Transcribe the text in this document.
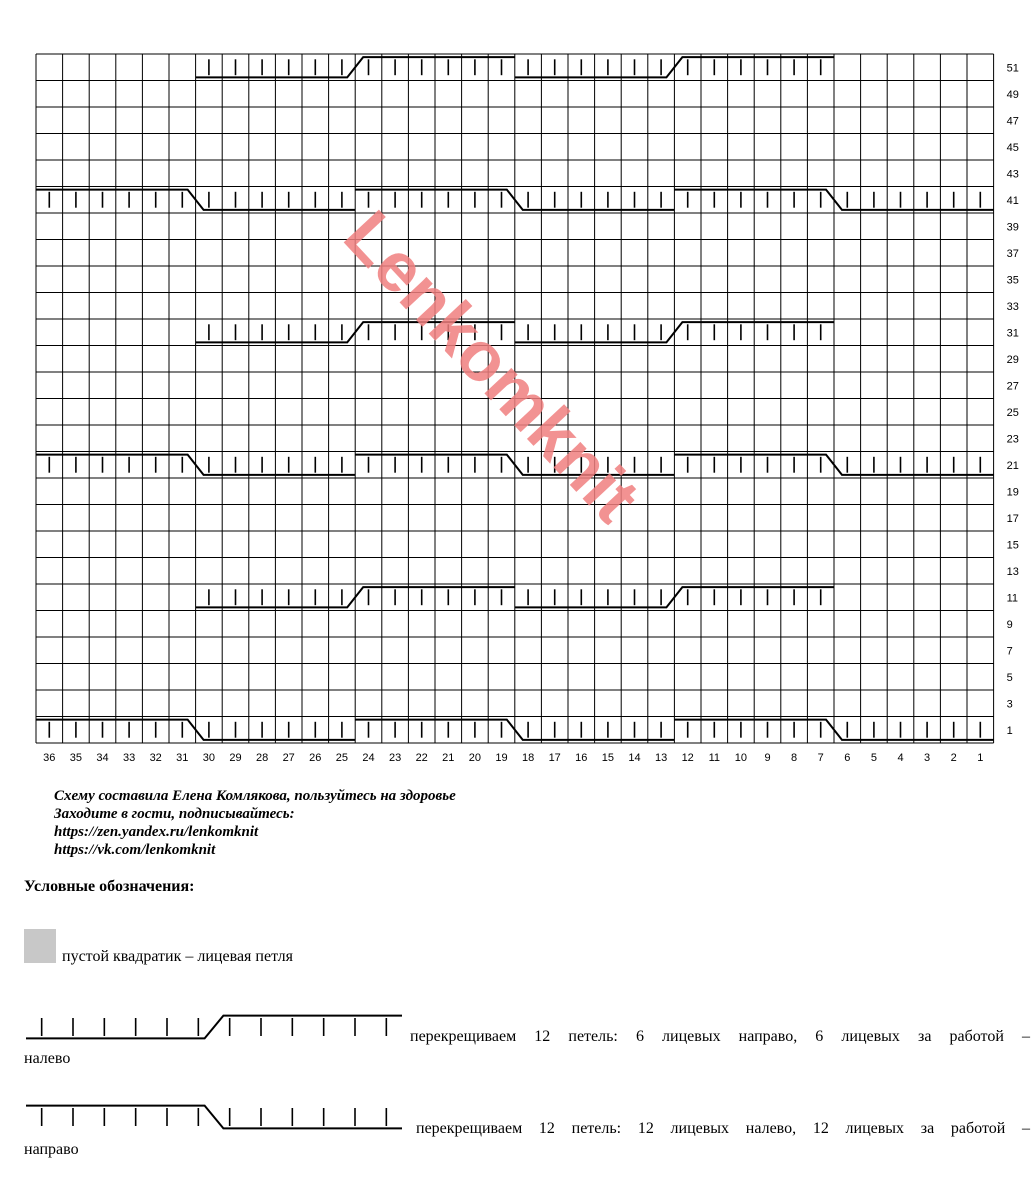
36 35 34 33 32 31 30 29 28 27 26 25 24 23 22 21 20 19 18 17 16 15 14 13 12 11 10 9 8 7 6 5 4 3 2 1
51
49
47
45
43
41
39
37
35
33
31
29
27
25
23
21
19
17
15
13
11
9
7
5
3
1
Lenkomknit
Схему составила Елена Комлякова, пользуйтесь на здоровье
Заходите в гости, подписывайтесь:
https://zen.yandex.ru/lenkomknit
https://vk.com/lenkomknit
Условные обозначения:
пустой квадратик – лицевая петля
перекрещиваем 12 петель: 6 лицевых направо, 6 лицевых за работой –
налево
перекрещиваем 12 петель: 12 лицевых налево, 12 лицевых за работой –
направо
